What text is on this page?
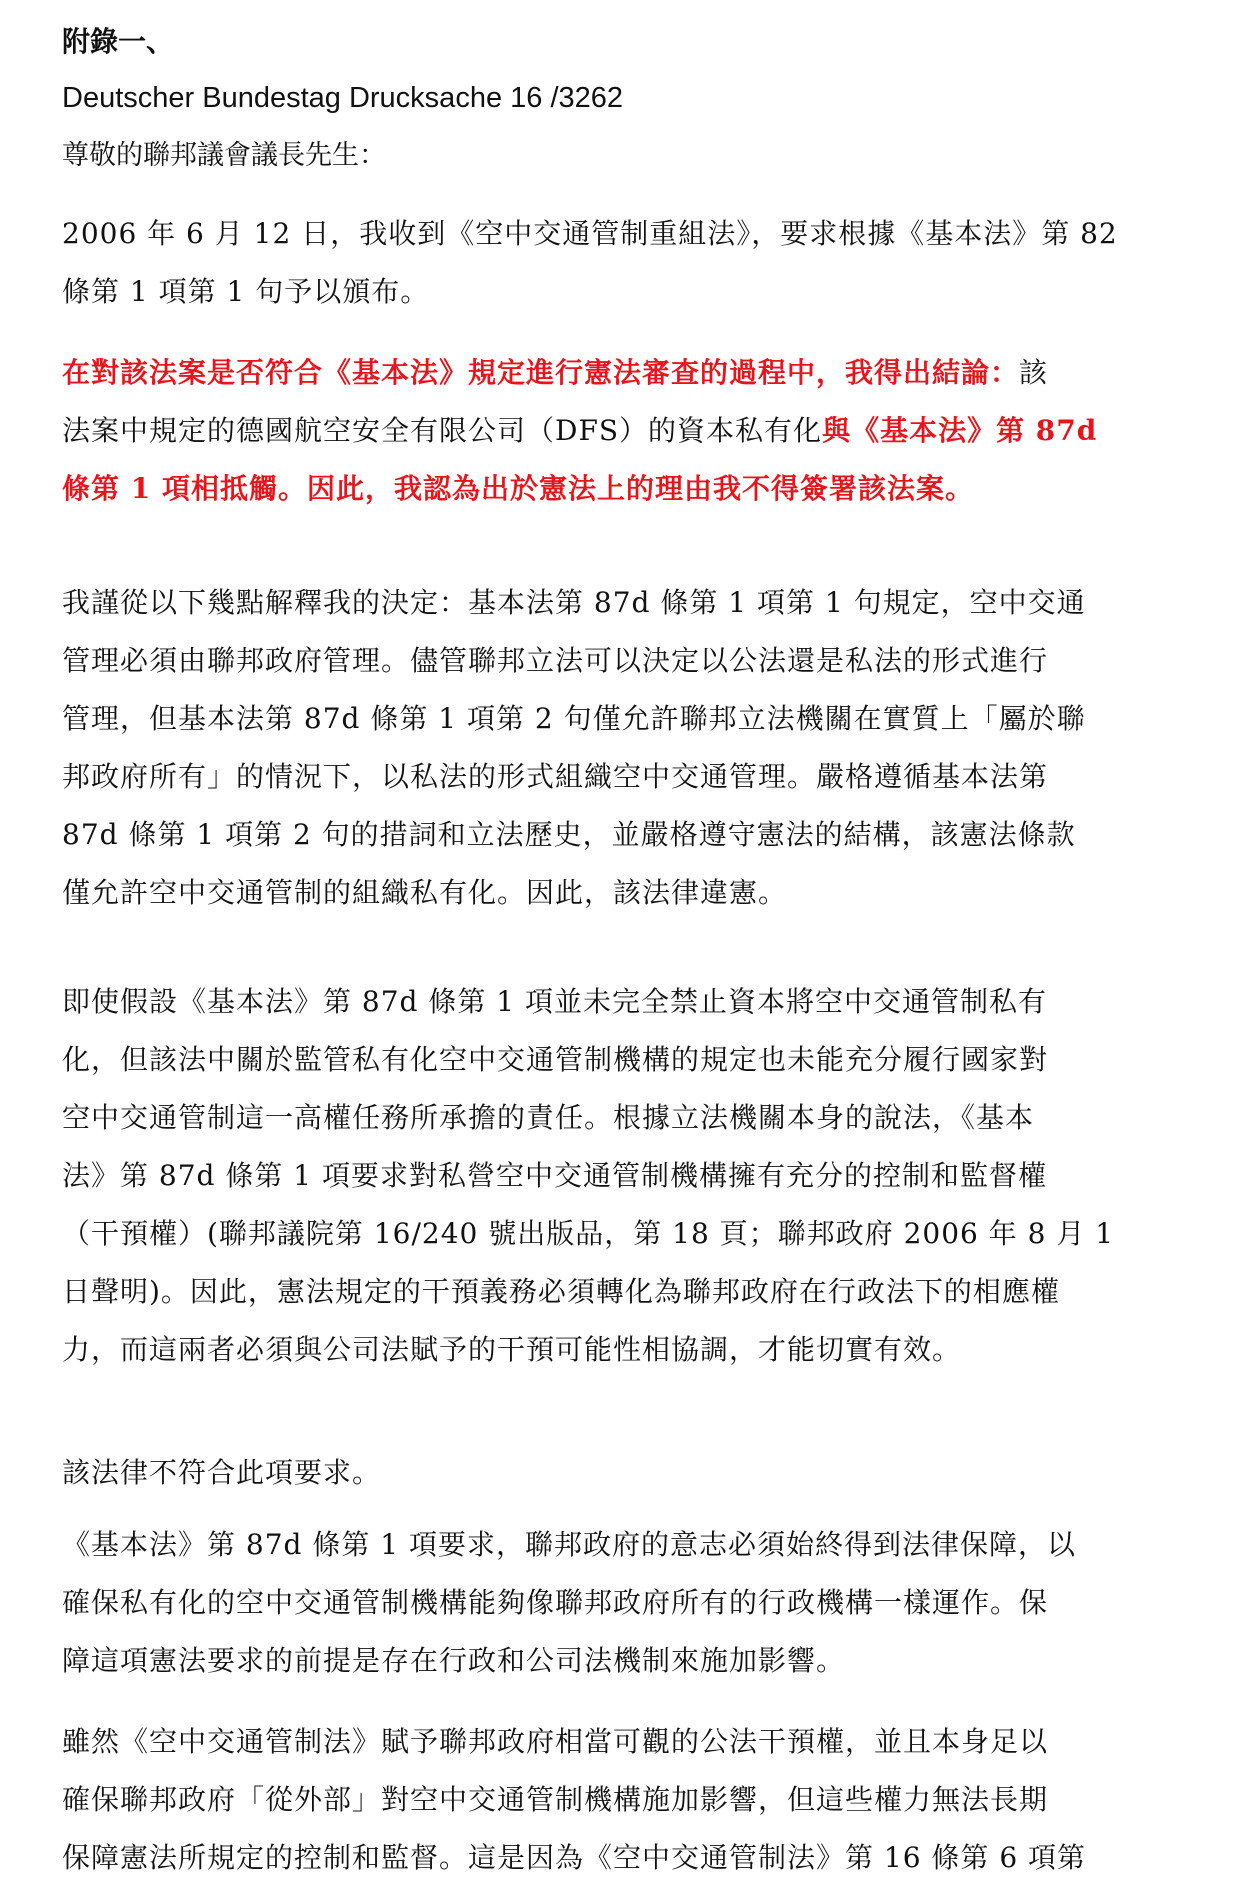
附錄一、
Deutscher Bundestag Drucksache 16 /3262
尊敬的聯邦議會議長先生：
2006 年 6 月 12 日，我收到《空中交通管制重組法》，要求根據《基本法》第 82
條第 1 項第 1 句予以頒布。
在對該法案是否符合《基本法》規定進行憲法審查的過程中，我得出結論：該
法案中規定的德國航空安全有限公司（DFS）的資本私有化與《基本法》第 87d
條第 1 項相抵觸。因此，我認為出於憲法上的理由我不得簽署該法案。
我謹從以下幾點解釋我的決定：基本法第 87d 條第 1 項第 1 句規定，空中交通
管理必須由聯邦政府管理。儘管聯邦立法可以決定以公法還是私法的形式進行
管理，但基本法第 87d 條第 1 項第 2 句僅允許聯邦立法機關在實質上「屬於聯
邦政府所有」的情況下，以私法的形式組織空中交通管理。嚴格遵循基本法第
87d 條第 1 項第 2 句的措詞和立法歷史，並嚴格遵守憲法的結構，該憲法條款
僅允許空中交通管制的組織私有化。因此，該法律違憲。
即使假設《基本法》第 87d 條第 1 項並未完全禁止資本將空中交通管制私有
化，但該法中關於監管私有化空中交通管制機構的規定也未能充分履行國家對
空中交通管制這一高權任務所承擔的責任。根據立法機關本身的說法，《基本
法》第 87d 條第 1 項要求對私營空中交通管制機構擁有充分的控制和監督權
（干預權）(聯邦議院第 16/240 號出版品，第 18 頁；聯邦政府 2006 年 8 月 1
日聲明)。因此，憲法規定的干預義務必須轉化為聯邦政府在行政法下的相應權
力，而這兩者必須與公司法賦予的干預可能性相協調，才能切實有效。
該法律不符合此項要求。
《基本法》第 87d 條第 1 項要求，聯邦政府的意志必須始終得到法律保障，以
確保私有化的空中交通管制機構能夠像聯邦政府所有的行政機構一樣運作。保
障這項憲法要求的前提是存在行政和公司法機制來施加影響。
雖然《空中交通管制法》賦予聯邦政府相當可觀的公法干預權，並且本身足以
確保聯邦政府「從外部」對空中交通管制機構施加影響，但這些權力無法長期
保障憲法所規定的控制和監督。這是因為《空中交通管制法》第 16 條第 6 項第
